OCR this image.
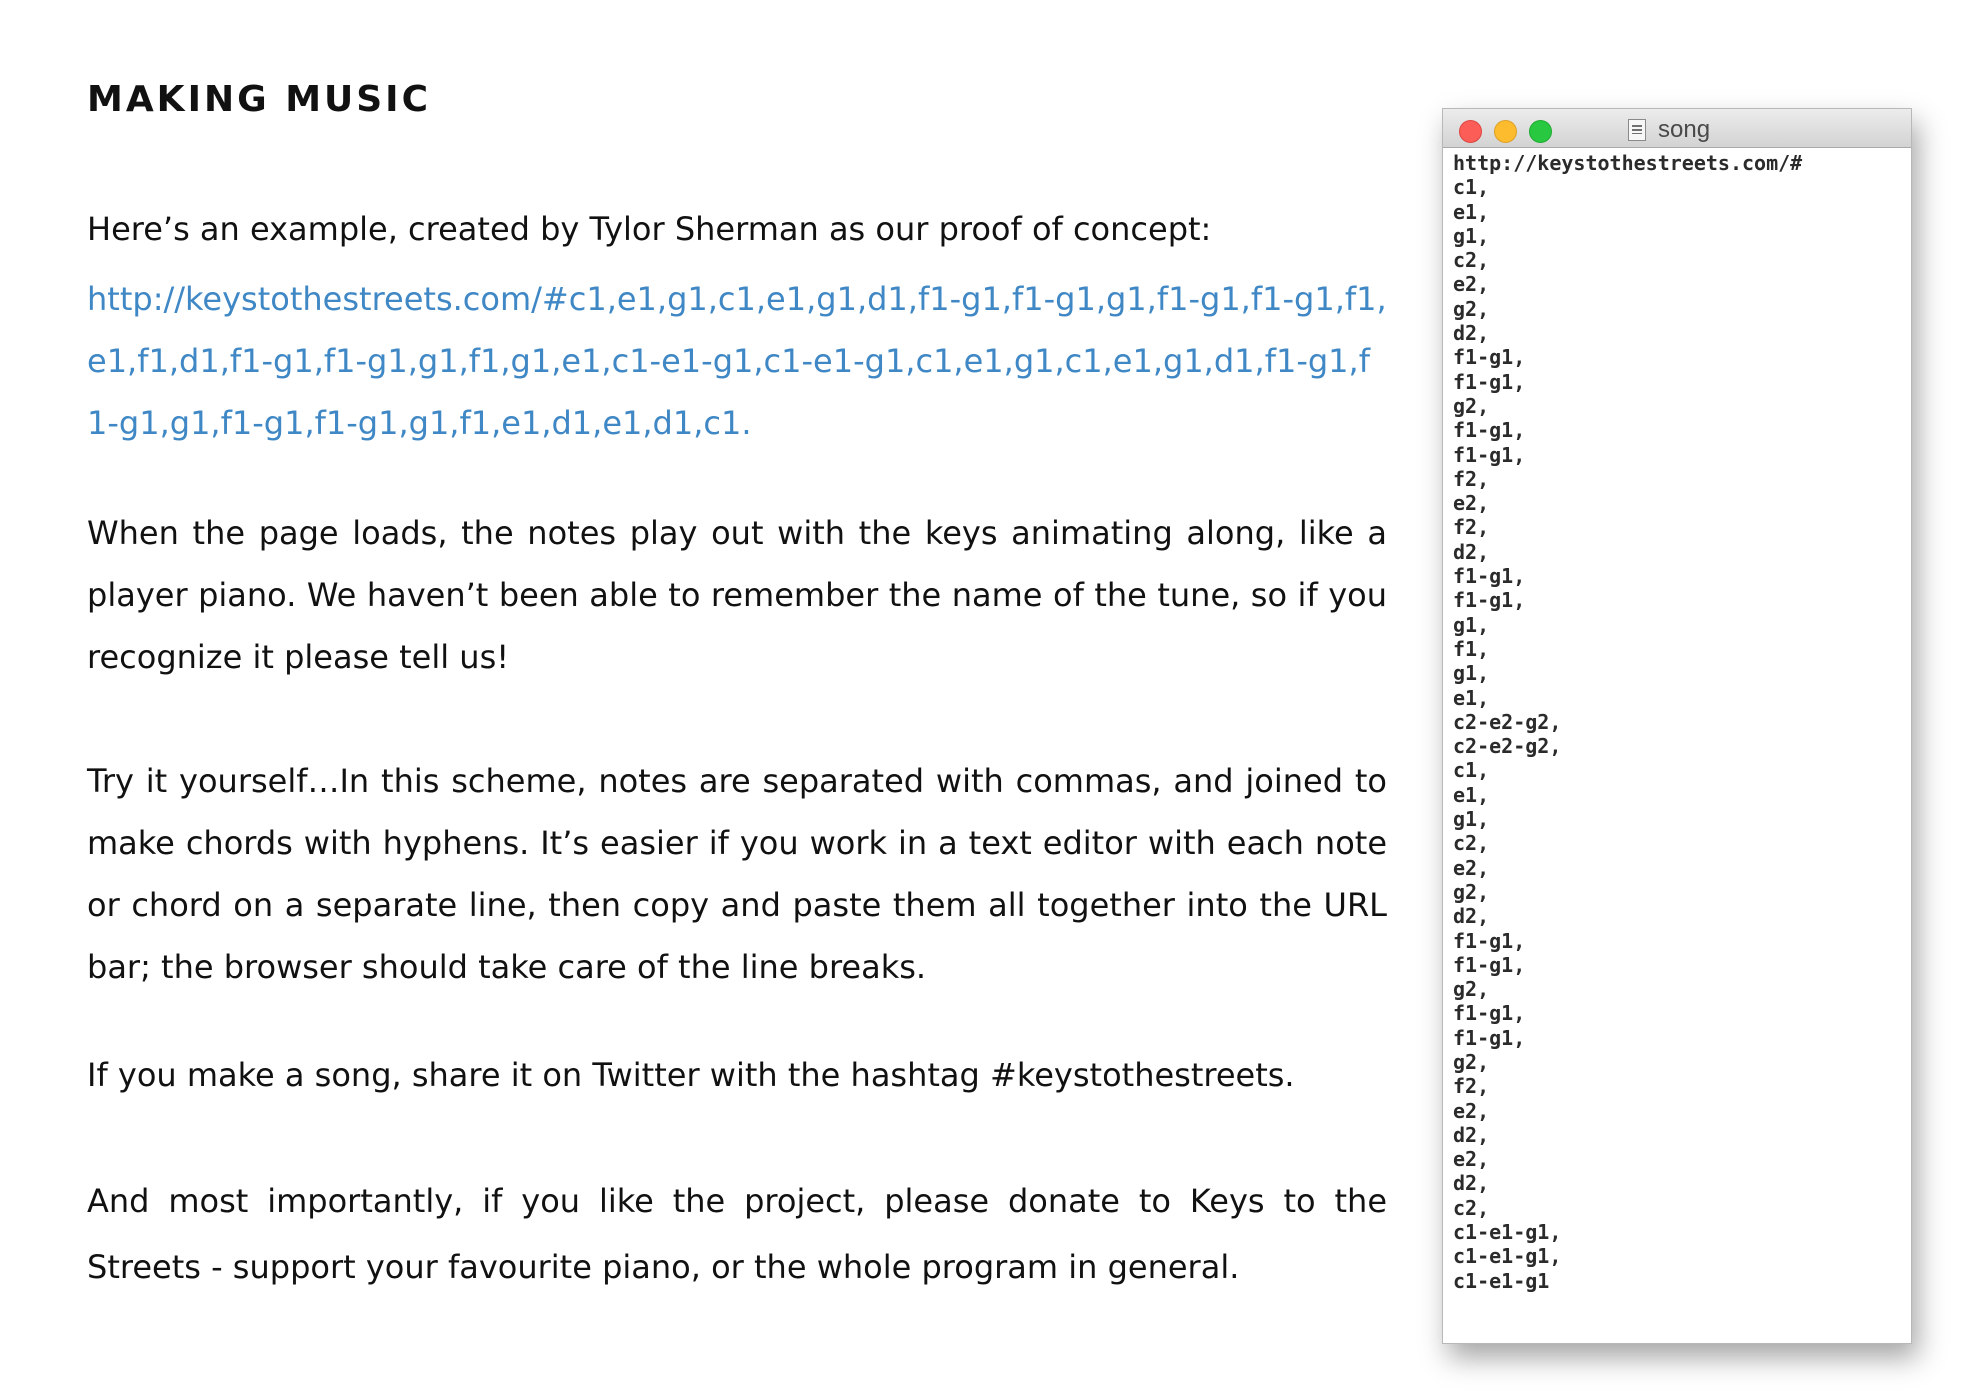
MAKING MUSIC

Here’s an example, created by Tylor Sherman as our proof of concept:

http://keystothestreets.com/#c1,e1,g1,c1,e1,g1,d1,f1-g1,f1-g1,g1,f1-g1,f1-g1,f1,e1,f1,d1,f1-g1,f1-g1,g1,f1,g1,e1,c1-e1-g1,c1-e1-g1,c1,e1,g1,c1,e1,g1,d1,f1-g1,f1-g1,g1,f1-g1,f1-g1,g1,f1,e1,d1,e1,d1,c1.

When the page loads, the notes play out with the keys animating along, like a player piano. We haven’t been able to remember the name of the tune, so if you recognize it please tell us!

Try it yourself…In this scheme, notes are separated with commas, and joined to make chords with hyphens. It’s easier if you work in a text editor with each note or chord on a separate line, then copy and paste them all together into the URL bar; the browser should take care of the line breaks.

If you make a song, share it on Twitter with the hashtag #keystothestreets.

And most importantly, if you like the project, please donate to Keys to the Streets - support your favourite piano, or the whole program in general.

song
http://keystothestreets.com/#
c1,
e1,
g1,
c2,
e2,
g2,
d2,
f1-g1,
f1-g1,
g2,
f1-g1,
f1-g1,
f2,
e2,
f2,
d2,
f1-g1,
f1-g1,
g1,
f1,
g1,
e1,
c2-e2-g2,
c2-e2-g2,
c1,
e1,
g1,
c2,
e2,
g2,
d2,
f1-g1,
f1-g1,
g2,
f1-g1,
f1-g1,
g2,
f2,
e2,
d2,
e2,
d2,
c2,
c1-e1-g1,
c1-e1-g1,
c1-e1-g1
